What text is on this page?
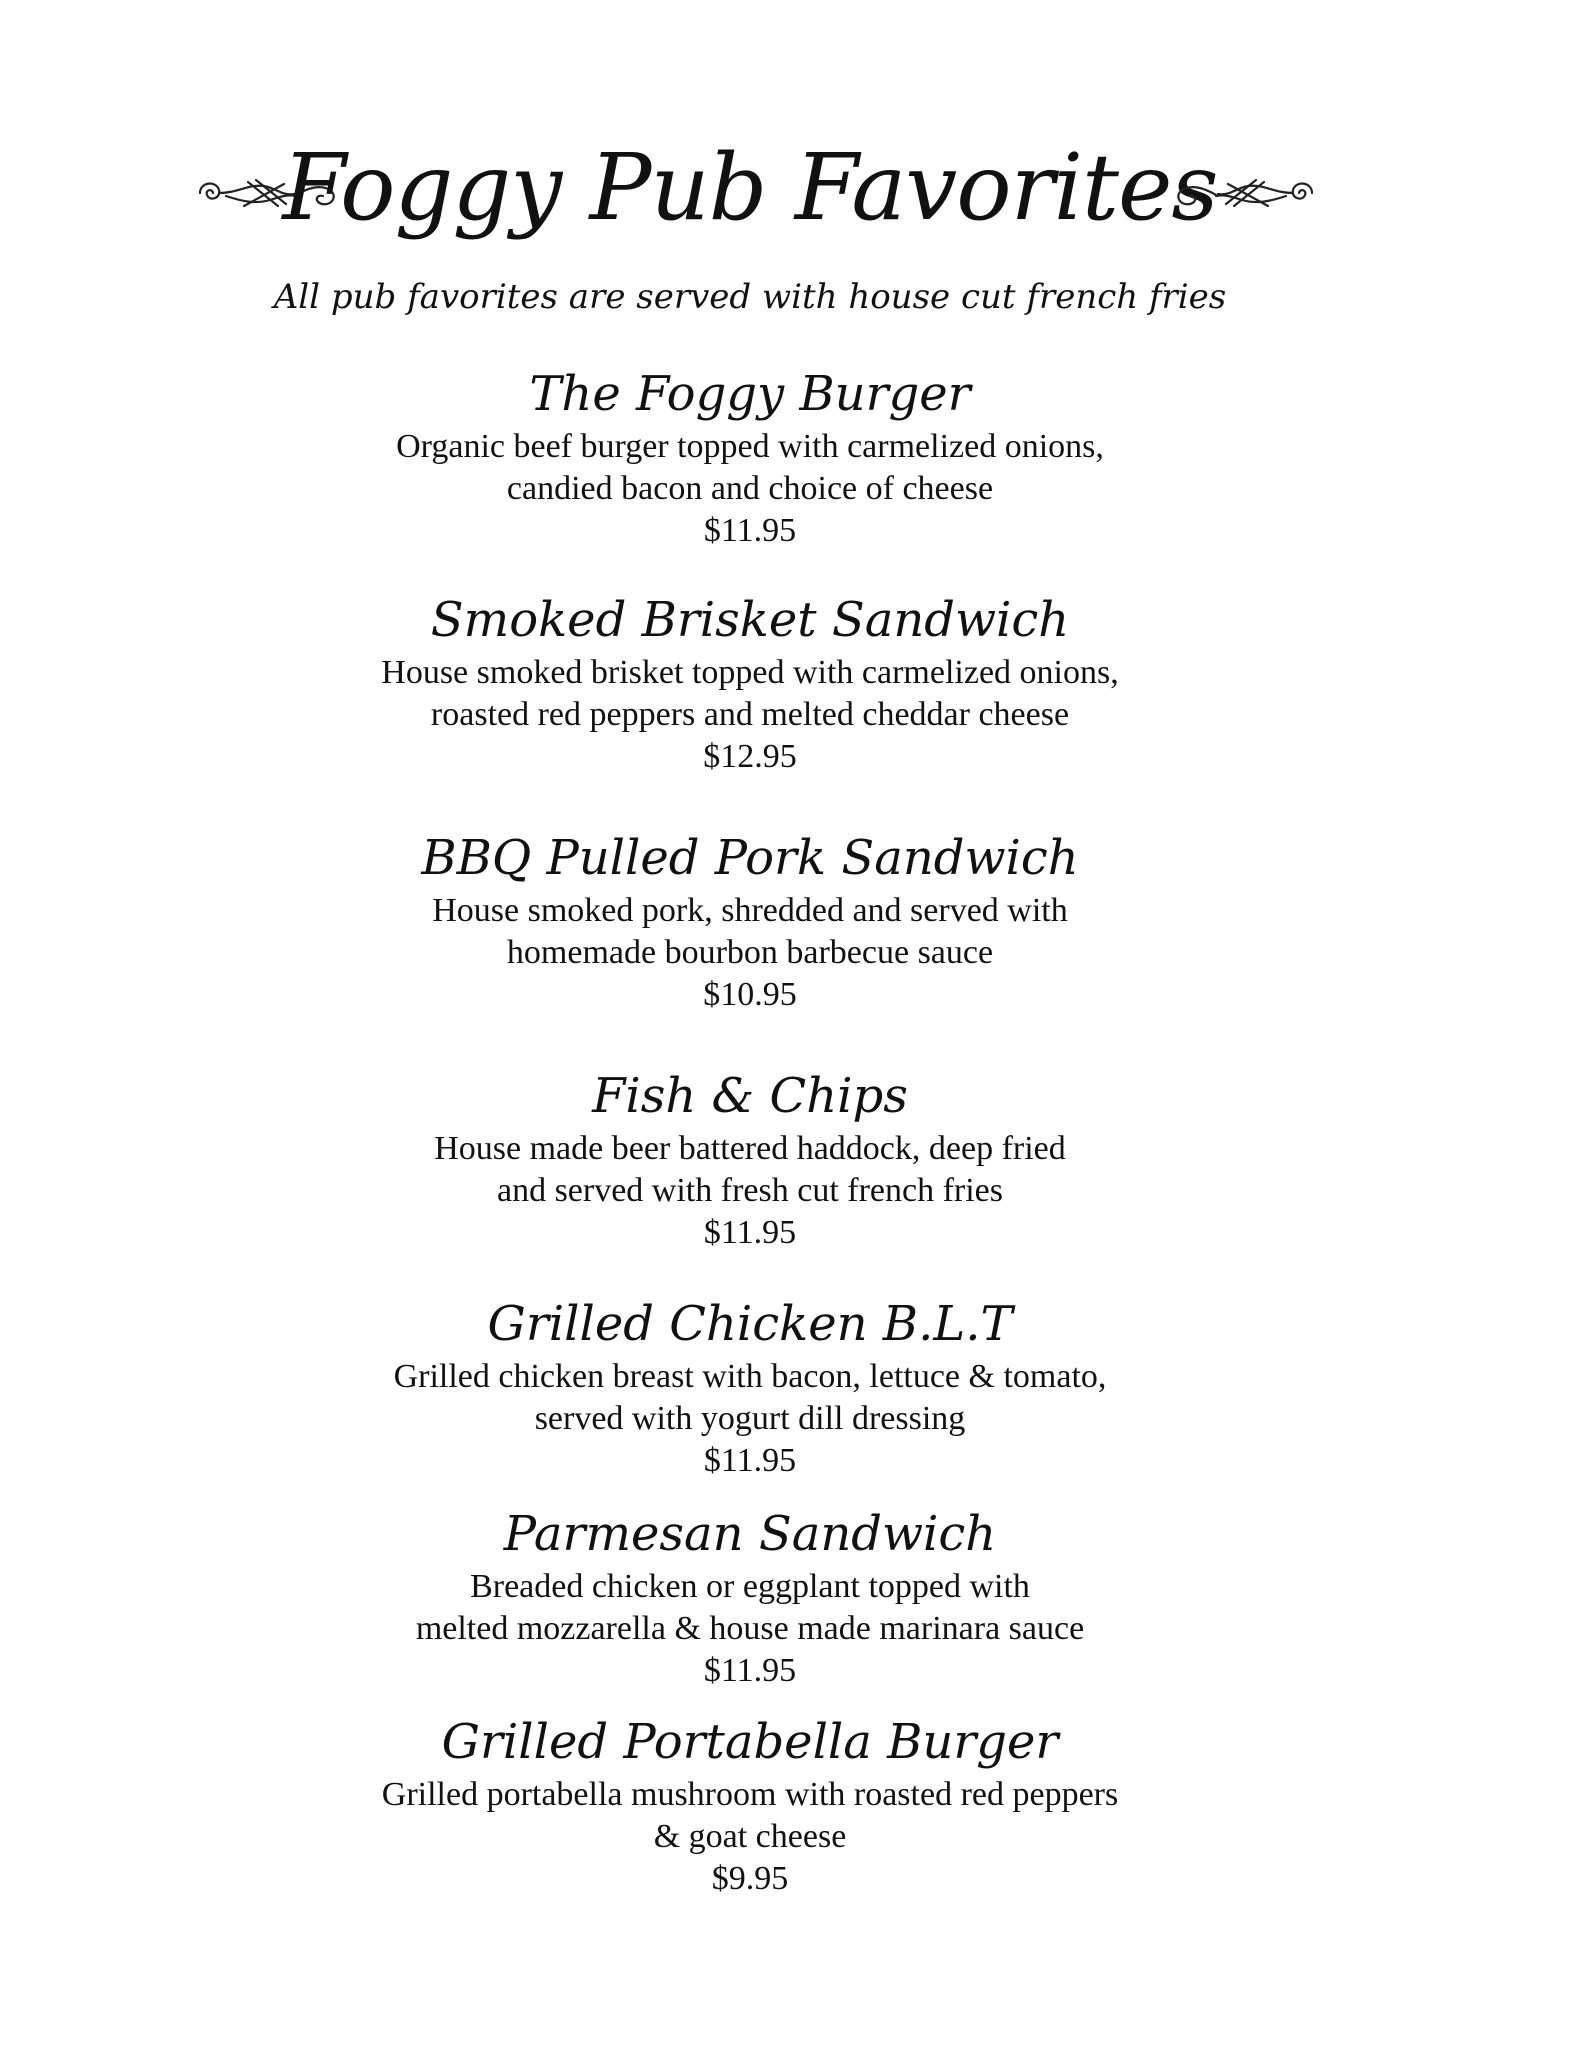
Foggy Pub Favorites
All pub favorites are served with house cut french fries
The Foggy Burger
Organic beef burger topped with carmelized onions,
candied bacon and choice of cheese
$11.95
Smoked Brisket Sandwich
House smoked brisket topped with carmelized onions,
roasted red peppers and melted cheddar cheese
$12.95
BBQ Pulled Pork Sandwich
House smoked pork, shredded and served with
homemade bourbon barbecue sauce
$10.95
Fish & Chips
House made beer battered haddock, deep fried
and served with fresh cut french fries
$11.95
Grilled Chicken B.L.T
Grilled chicken breast with bacon, lettuce & tomato,
served with yogurt dill dressing
$11.95
Parmesan Sandwich
Breaded chicken or eggplant topped with
melted mozzarella & house made marinara sauce
$11.95
Grilled Portabella Burger
Grilled portabella mushroom with roasted red peppers
& goat cheese
$9.95
